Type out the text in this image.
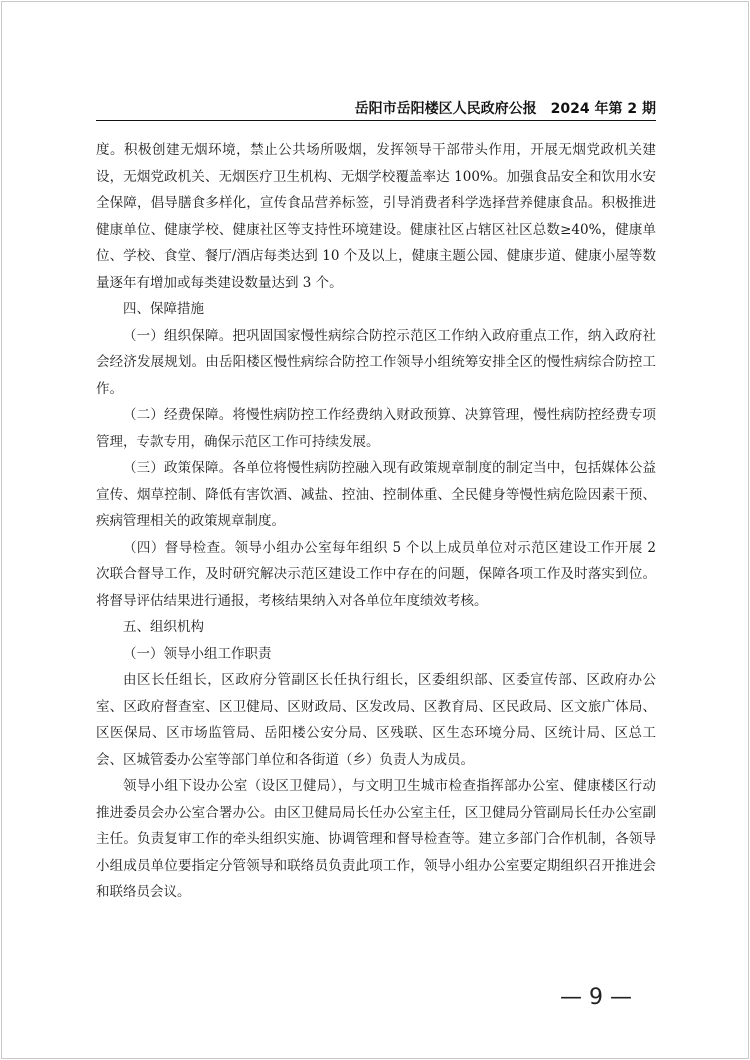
岳阳市岳阳楼区人民政府公报　2024 年第 2 期

度。积极创建无烟环境，禁止公共场所吸烟，发挥领导干部带头作用，开展无烟党政机关建设，无烟党政机关、无烟医疗卫生机构、无烟学校覆盖率达 100%。加强食品安全和饮用水安全保障，倡导膳食多样化，宣传食品营养标签，引导消费者科学选择营养健康食品。积极推进健康单位、健康学校、健康社区等支持性环境建设。健康社区占辖区社区总数≥40%，健康单位、学校、食堂、餐厅/酒店每类达到 10 个及以上，健康主题公园、健康步道、健康小屋等数量逐年有增加或每类建设数量达到 3 个。

四、保障措施

（一）组织保障。把巩固国家慢性病综合防控示范区工作纳入政府重点工作，纳入政府社会经济发展规划。由岳阳楼区慢性病综合防控工作领导小组统筹安排全区的慢性病综合防控工作。

（二）经费保障。将慢性病防控工作经费纳入财政预算、决算管理，慢性病防控经费专项管理，专款专用，确保示范区工作可持续发展。

（三）政策保障。各单位将慢性病防控融入现有政策规章制度的制定当中，包括媒体公益宣传、烟草控制、降低有害饮酒、减盐、控油、控制体重、全民健身等慢性病危险因素干预、疾病管理相关的政策规章制度。

（四）督导检查。领导小组办公室每年组织 5 个以上成员单位对示范区建设工作开展 2 次联合督导工作，及时研究解决示范区建设工作中存在的问题，保障各项工作及时落实到位。将督导评估结果进行通报，考核结果纳入对各单位年度绩效考核。

五、组织机构

（一）领导小组工作职责

由区长任组长，区政府分管副区长任执行组长，区委组织部、区委宣传部、区政府办公室、区政府督查室、区卫健局、区财政局、区发改局、区教育局、区民政局、区文旅广体局、区医保局、区市场监管局、岳阳楼公安分局、区残联、区生态环境分局、区统计局、区总工会、区城管委办公室等部门单位和各街道（乡）负责人为成员。

领导小组下设办公室（设区卫健局），与文明卫生城市检查指挥部办公室、健康楼区行动推进委员会办公室合署办公。由区卫健局局长任办公室主任，区卫健局分管副局长任办公室副主任。负责复审工作的牵头组织实施、协调管理和督导检查等。建立多部门合作机制，各领导小组成员单位要指定分管领导和联络员负责此项工作，领导小组办公室要定期组织召开推进会和联络员会议。

— 9 —
